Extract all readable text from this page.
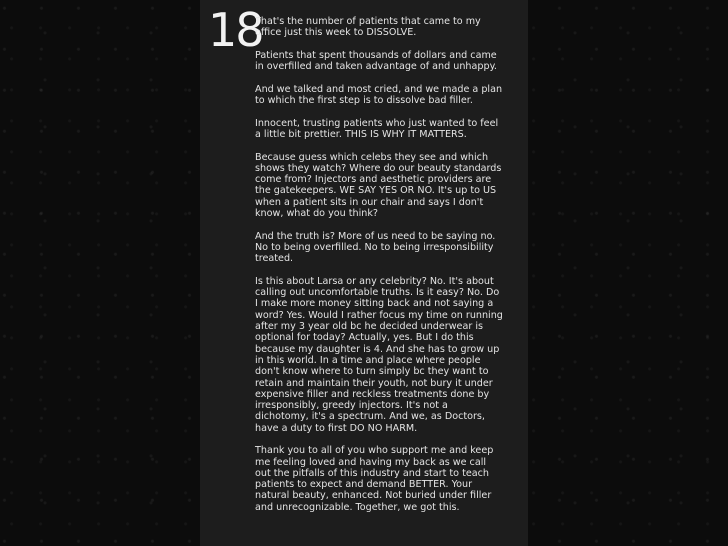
18

That's the number of patients that came to my office just this week to DISSOLVE.

Patients that spent thousands of dollars and came in overfilled and taken advantage of and unhappy.

And we talked and most cried, and we made a plan to which the first step is to dissolve bad filler.

Innocent, trusting patients who just wanted to feel a little bit prettier. THIS IS WHY IT MATTERS.

Because guess which celebs they see and which shows they watch? Where do our beauty standards come from? Injectors and aesthetic providers are the gatekeepers. WE SAY YES OR NO. It's up to US when a patient sits in our chair and says I don't know, what do you think?

And the truth is? More of us need to be saying no. No to being overfilled. No to being irresponsibility treated.

Is this about Larsa or any celebrity? No. It's about calling out uncomfortable truths. Is it easy? No. Do I make more money sitting back and not saying a word? Yes. Would I rather focus my time on running after my 3 year old bc he decided underwear is optional for today? Actually, yes. But I do this because my daughter is 4. And she has to grow up in this world. In a time and place where people don't know where to turn simply bc they want to retain and maintain their youth, not bury it under expensive filler and reckless treatments done by irresponsibly, greedy injectors. It's not a dichotomy, it's a spectrum. And we, as Doctors, have a duty to first DO NO HARM.

Thank you to all of you who support me and keep me feeling loved and having my back as we call out the pitfalls of this industry and start to teach patients to expect and demand BETTER. Your natural beauty, enhanced. Not buried under filler and unrecognizable. Together, we got this.
